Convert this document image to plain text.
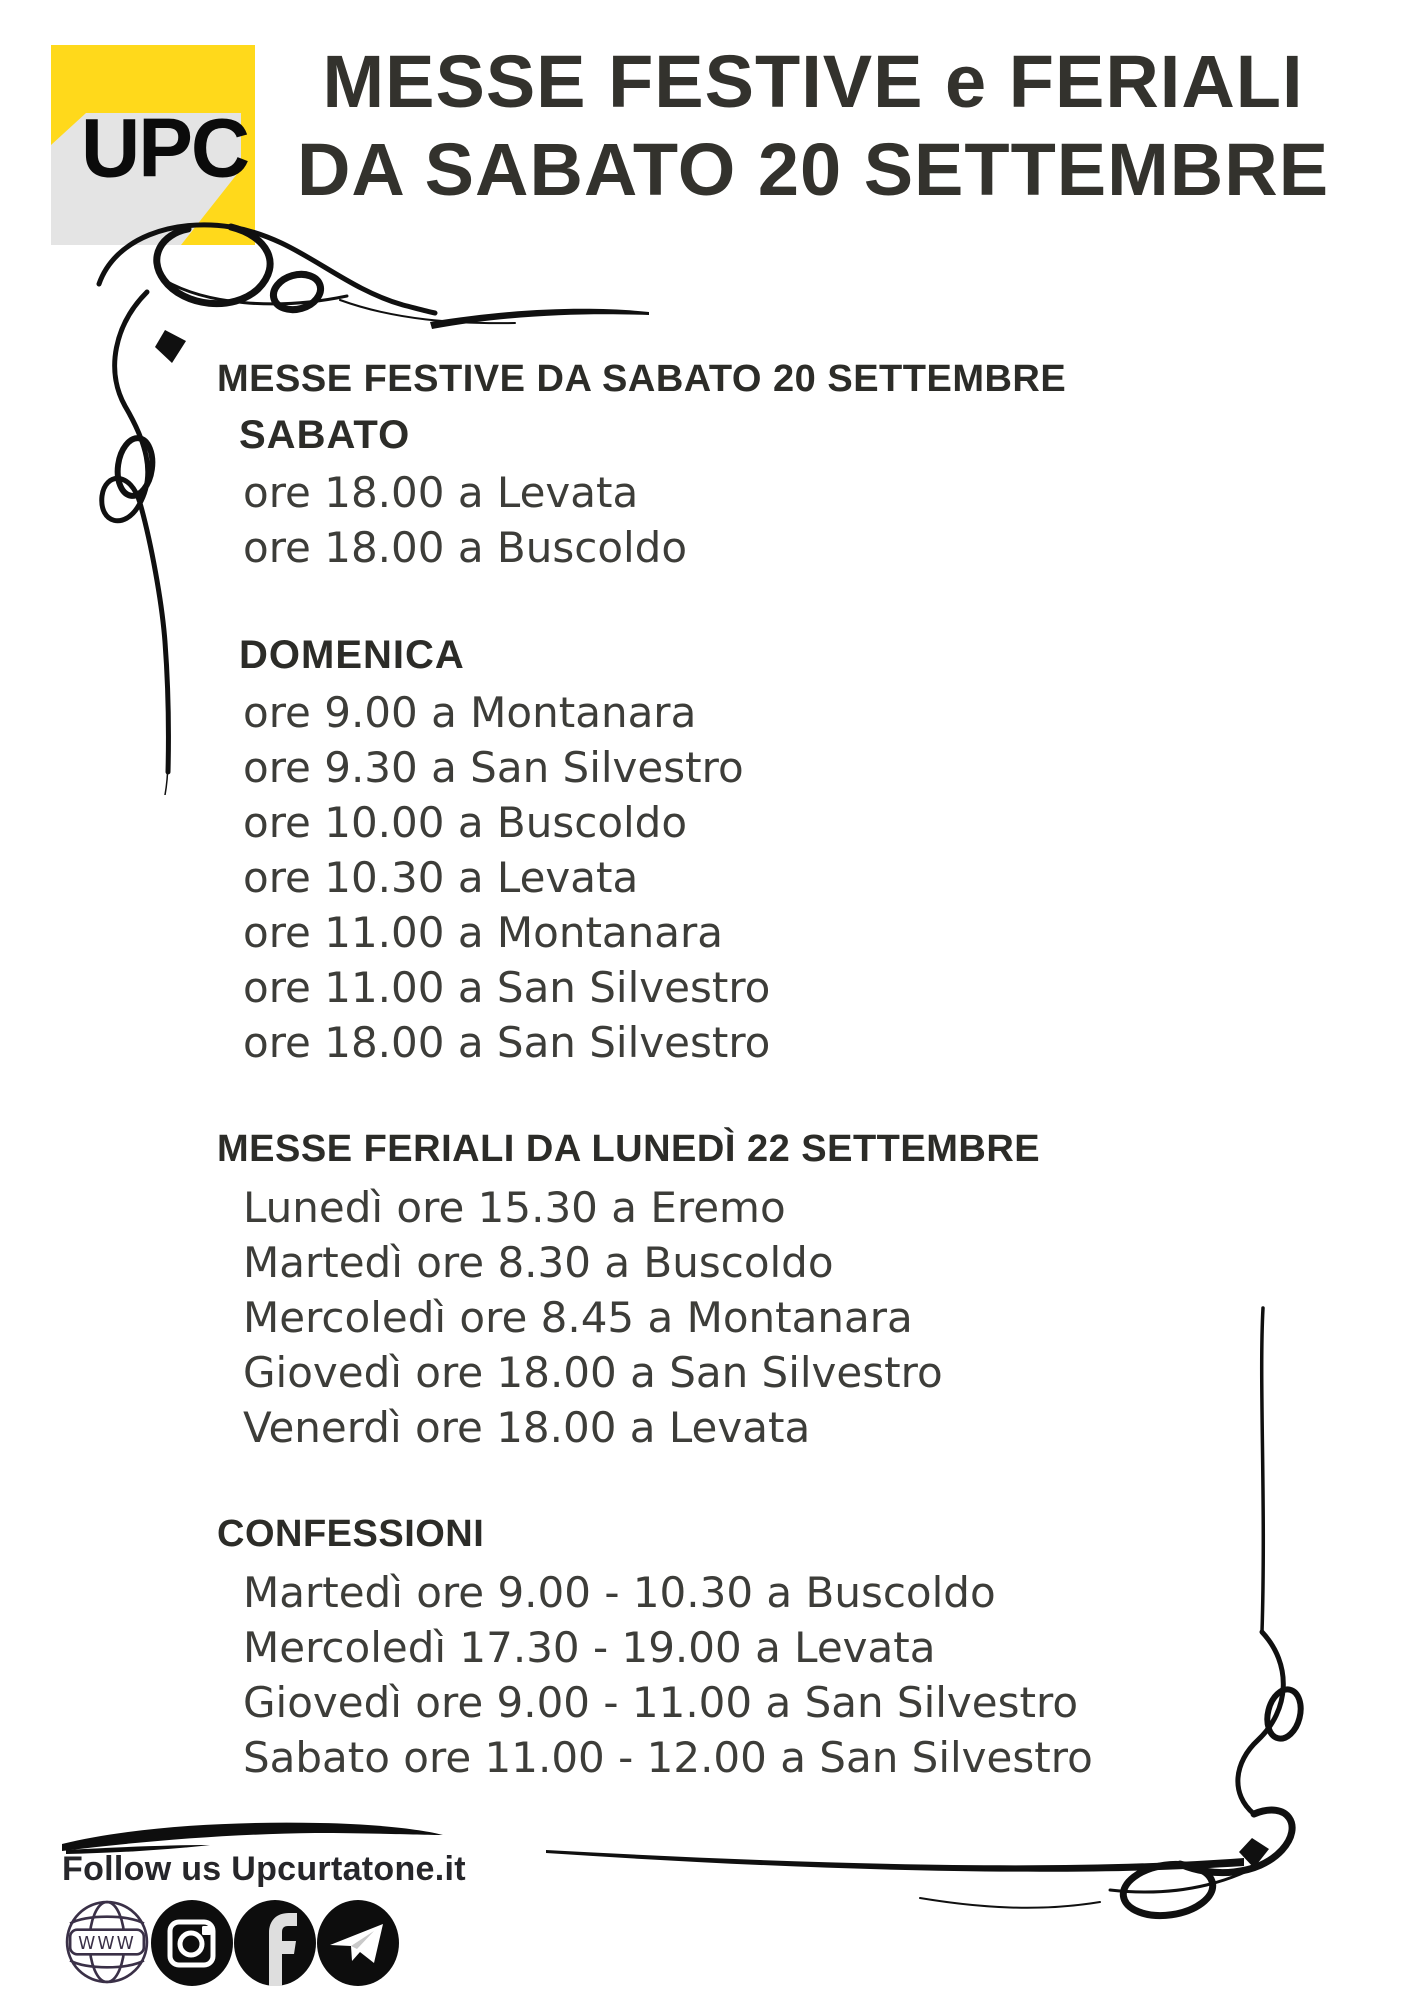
UPC
MESSE FESTIVE e FERIALI
DA SABATO 20 SETTEMBRE
MESSE FESTIVE DA SABATO 20 SETTEMBRE
SABATO
ore 18.00 a Levata
ore 18.00 a Buscoldo
DOMENICA
ore 9.00 a Montanara
ore 9.30 a San Silvestro
ore 10.00 a Buscoldo
ore 10.30 a Levata
ore 11.00 a Montanara
ore 11.00 a San Silvestro
ore 18.00 a San Silvestro
MESSE FERIALI DA LUNEDÌ 22 SETTEMBRE
Lunedì ore 15.30 a Eremo
Martedì ore 8.30 a Buscoldo
Mercoledì ore 8.45 a Montanara
Giovedì ore 18.00 a San Silvestro
Venerdì ore 18.00 a Levata
CONFESSIONI
Martedì ore 9.00 - 10.30 a Buscoldo
Mercoledì 17.30 - 19.00 a Levata
Giovedì ore 9.00 - 11.00 a San Silvestro
Sabato ore 11.00 - 12.00 a San Silvestro
Follow us Upcurtatone.it
WWW
